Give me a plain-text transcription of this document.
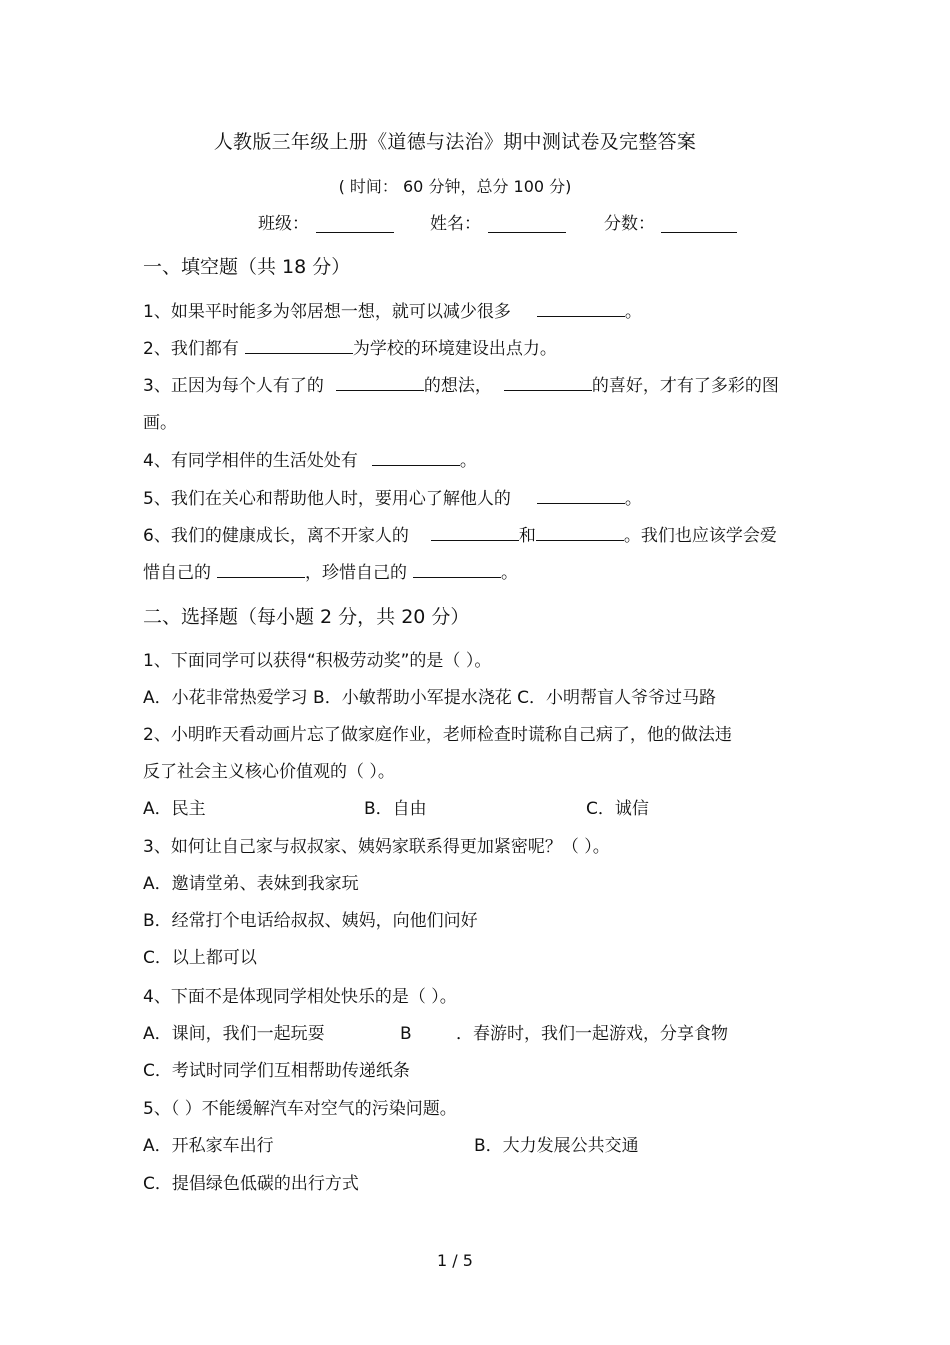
人教版三年级上册《道德与法治》期中测试卷及完整答案
( 时间： 60 分钟，总分 100 分)
班级：	姓名：	分数：
一、填空题（共 18 分）
1、如果平时能多为邻居想一想，就可以减少很多	。
2、我们都有	为学校的环境建设出点力。
3、正因为每个人有了的	的想法，	的喜好，才有了多彩的图
画。
4、有同学相伴的生活处处有	。
5、我们在关心和帮助他人时，要用心了解他人的	。
6、我们的健康成长，离不开家人的	和	。我们也应该学会爱
惜自己的	，珍惜自己的	。
二、选择题（每小题 2 分，共 20 分）
1、下面同学可以获得“积极劳动奖”的是（ ）。
A．小花非常热爱学习 B．小敏帮助小军提水浇花 C．小明帮盲人爷爷过马路
2、小明昨天看动画片忘了做家庭作业，老师检查时谎称自己病了，他的做法违
反了社会主义核心价值观的（ ）。
A．民主	B．自由	C．诚信
3、如何让自己家与叔叔家、姨妈家联系得更加紧密呢？（ ）。
A．邀请堂弟、表妹到我家玩
B．经常打个电话给叔叔、姨妈，向他们问好
C．以上都可以
4、下面不是体现同学相处快乐的是（ ）。
A．课间，我们一起玩耍	B	．春游时，我们一起游戏，分享食物
C．考试时同学们互相帮助传递纸条
5、（ ）不能缓解汽车对空气的污染问题。
A．开私家车出行	B．大力发展公共交通
C．提倡绿色低碳的出行方式
1 / 5
